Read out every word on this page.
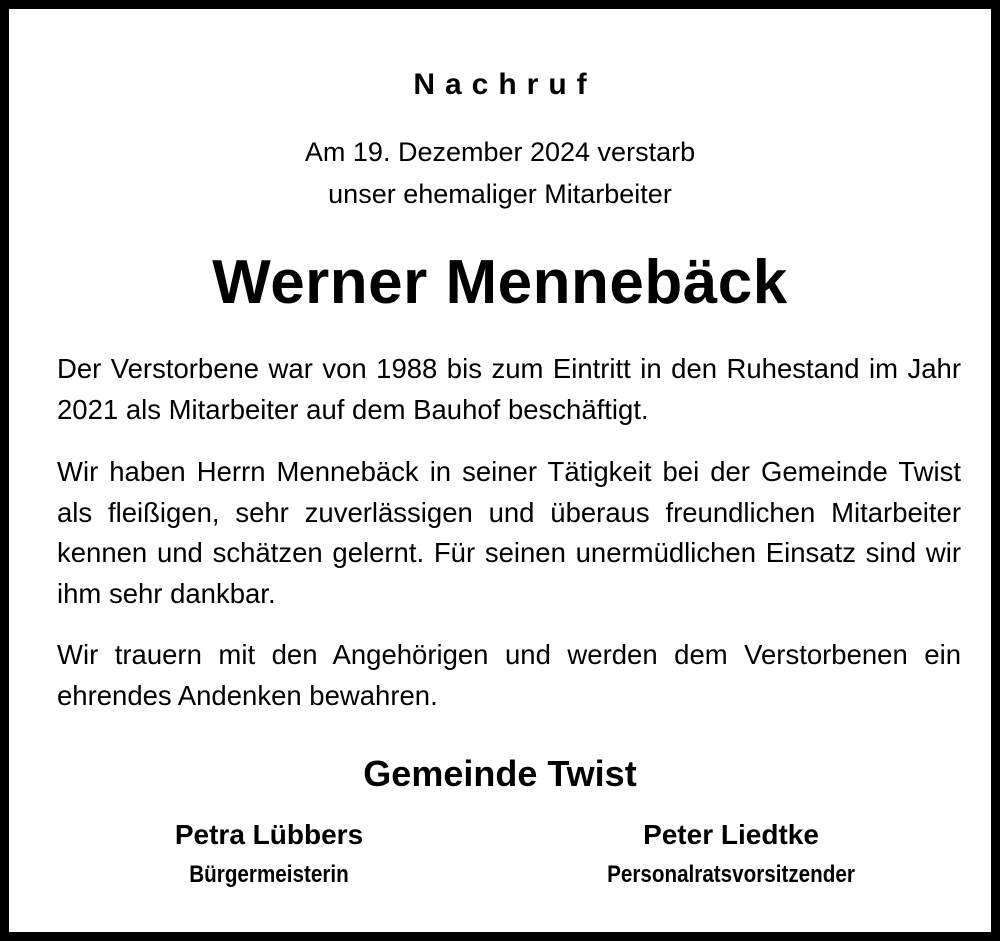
Nachruf
Am 19. Dezember 2024 verstarb
unser ehemaliger Mitarbeiter
Werner Mennebäck
Der Verstorbene war von 1988 bis zum Eintritt in den Ruhestand im Jahr 2021 als Mitarbeiter auf dem Bauhof beschäftigt.
Wir haben Herrn Mennebäck in seiner Tätigkeit bei der Gemeinde Twist als fleißigen, sehr zuverlässigen und überaus freundlichen Mitarbeiter kennen und schätzen gelernt. Für seinen unermüdlichen Einsatz sind wir ihm sehr dankbar.
Wir trauern mit den Angehörigen und werden dem Verstorbenen ein ehrendes Andenken bewahren.
Gemeinde Twist
Petra Lübbers
Bürgermeisterin
Peter Liedtke
Personalratsvorsitzender
